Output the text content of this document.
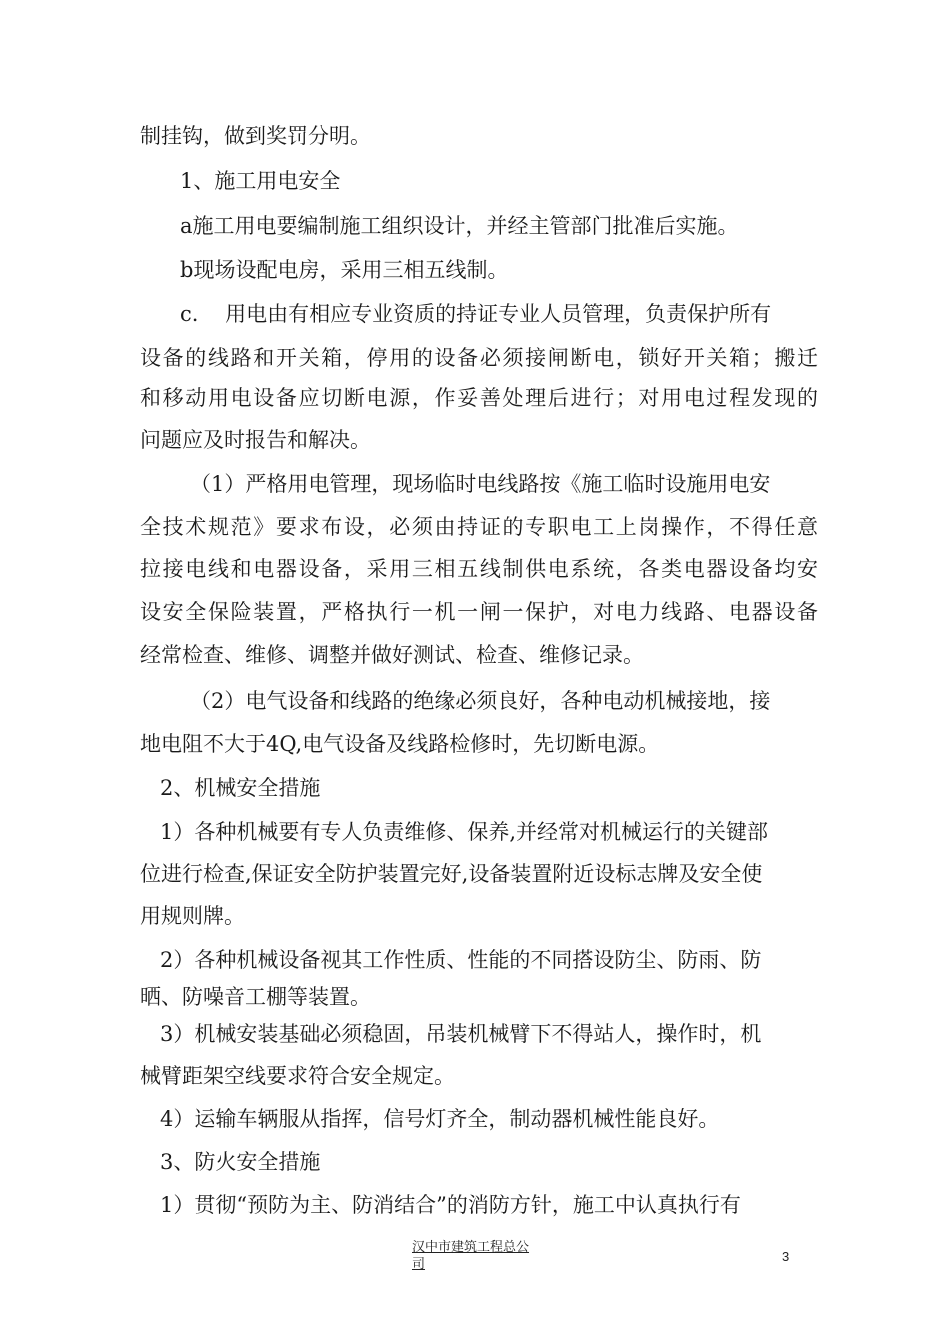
制挂钩，做到奖罚分明。
1、施工用电安全
a施工用电要编制施工组织设计，并经主管部门批准后实施。
b现场设配电房，采用三相五线制。
c.    用电由有相应专业资质的持证专业人员管理，负责保护所有
设备的线路和开关箱，停用的设备必须接闸断电，锁好开关箱；搬迁
和移动用电设备应切断电源，作妥善处理后进行；对用电过程发现的
问题应及时报告和解决。
（1）严格用电管理，现场临时电线路按《施工临时设施用电安
全技术规范》要求布设，必须由持证的专职电工上岗操作，不得任意
拉接电线和电器设备，采用三相五线制供电系统，各类电器设备均安
设安全保险装置，严格执行一机一闸一保护，对电力线路、电器设备
经常检查、维修、调整并做好测试、检查、维修记录。
（2）电气设备和线路的绝缘必须良好，各种电动机械接地，接
地电阻不大于4Q,电气设备及线路检修时，先切断电源。
2、机械安全措施
1）各种机械要有专人负责维修、保养,并经常对机械运行的关键部
位进行检查,保证安全防护装置完好,设备装置附近设标志牌及安全使
用规则牌。
2）各种机械设备视其工作性质、性能的不同搭设防尘、防雨、防
晒、防噪音工棚等装置。
3）机械安装基础必须稳固，吊装机械臂下不得站人，操作时，机
械臂距架空线要求符合安全规定。
4）运输车辆服从指挥，信号灯齐全，制动器机械性能良好。
3、防火安全措施
1）贯彻“预防为主、防消结合”的消防方针，施工中认真执行有
汉中市建筑工程总公司
3
